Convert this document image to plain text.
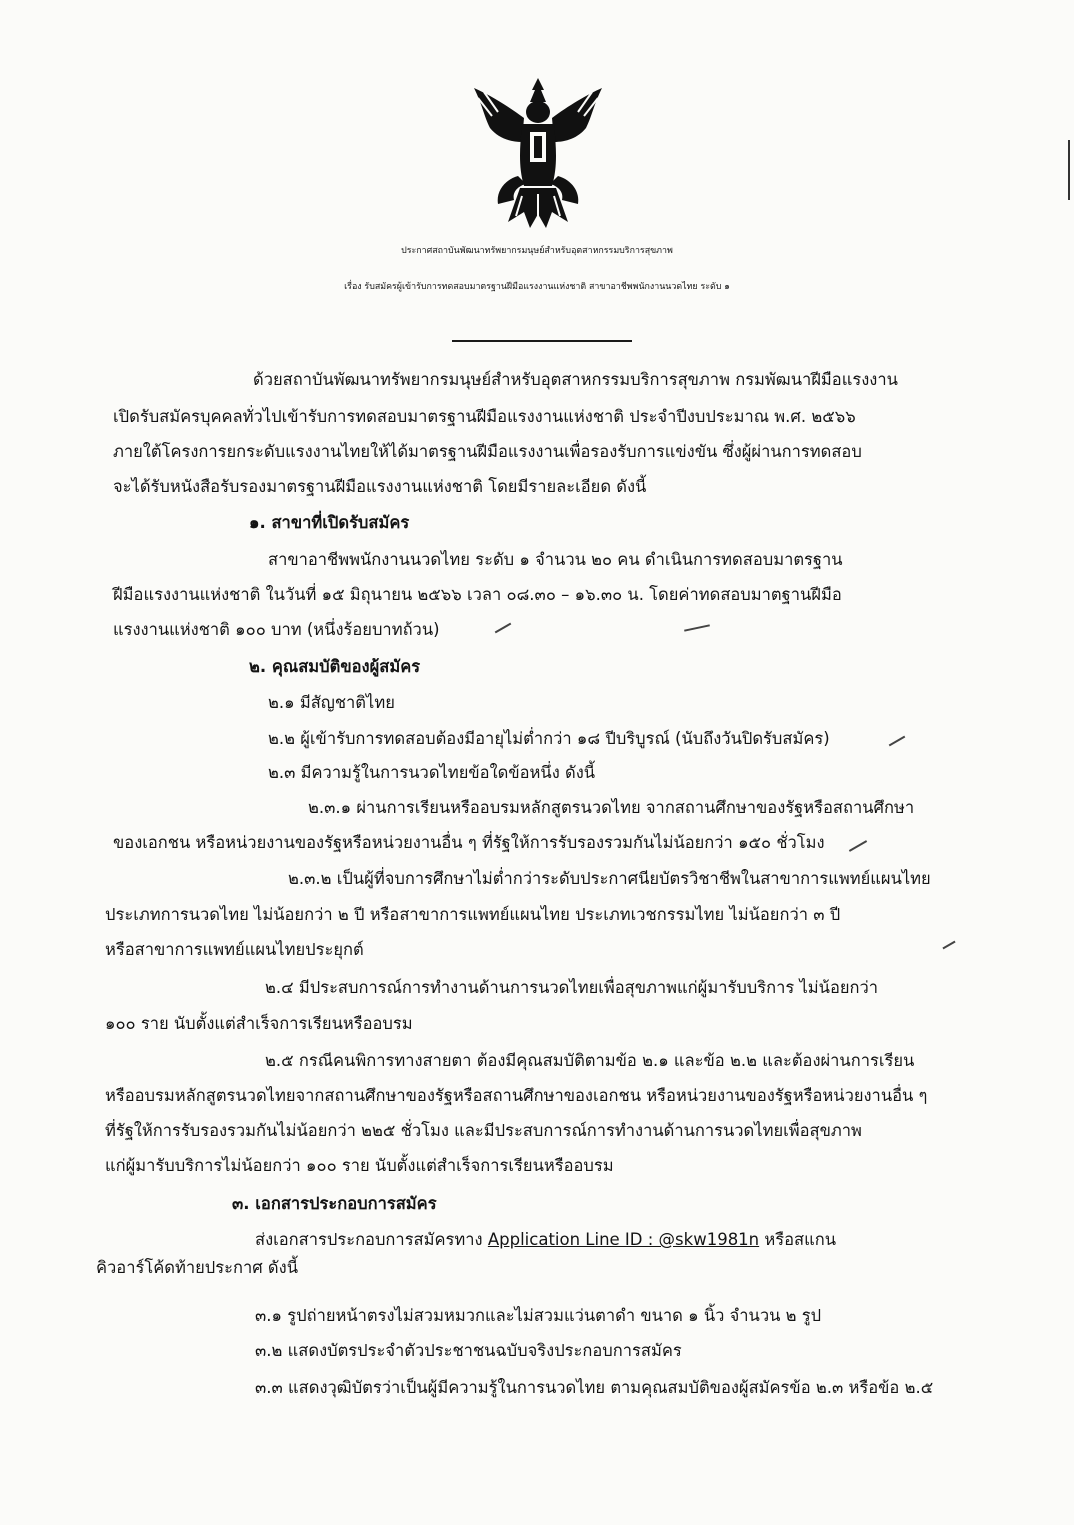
ประกาศสถาบันพัฒนาทรัพยากรมนุษย์สำหรับอุตสาหกรรมบริการสุขภาพ
เรื่อง รับสมัครผู้เข้ารับการทดสอบมาตรฐานฝีมือแรงงานแห่งชาติ สาขาอาชีพพนักงานนวดไทย ระดับ ๑
ด้วยสถาบันพัฒนาทรัพยากรมนุษย์สำหรับอุตสาหกรรมบริการสุขภาพ กรมพัฒนาฝีมือแรงงาน
เปิดรับสมัครบุคคลทั่วไปเข้ารับการทดสอบมาตรฐานฝีมือแรงงานแห่งชาติ ประจำปีงบประมาณ พ.ศ. ๒๕๖๖
ภายใต้โครงการยกระดับแรงงานไทยให้ได้มาตรฐานฝีมือแรงงานเพื่อรองรับการแข่งขัน ซึ่งผู้ผ่านการทดสอบ
จะได้รับหนังสือรับรองมาตรฐานฝีมือแรงงานแห่งชาติ โดยมีรายละเอียด ดังนี้
๑. สาขาที่เปิดรับสมัคร
สาขาอาชีพพนักงานนวดไทย ระดับ ๑ จำนวน ๒๐ คน ดำเนินการทดสอบมาตรฐาน
ฝีมือแรงงานแห่งชาติ ในวันที่ ๑๕ มิถุนายน ๒๕๖๖ เวลา ๐๘.๓๐ – ๑๖.๓๐ น. โดยค่าทดสอบมาตฐานฝีมือ
แรงงานแห่งชาติ ๑๐๐ บาท (หนึ่งร้อยบาทถ้วน)
๒. คุณสมบัติของผู้สมัคร
๒.๑ มีสัญชาติไทย
๒.๒ ผู้เข้ารับการทดสอบต้องมีอายุไม่ต่ำกว่า ๑๘ ปีบริบูรณ์ (นับถึงวันปิดรับสมัคร)
๒.๓ มีความรู้ในการนวดไทยข้อใดข้อหนึ่ง ดังนี้
๒.๓.๑ ผ่านการเรียนหรืออบรมหลักสูตรนวดไทย จากสถานศึกษาของรัฐหรือสถานศึกษา
ของเอกชน หรือหน่วยงานของรัฐหรือหน่วยงานอื่น ๆ ที่รัฐให้การรับรองรวมกันไม่น้อยกว่า ๑๕๐ ชั่วโมง
๒.๓.๒ เป็นผู้ที่จบการศึกษาไม่ต่ำกว่าระดับประกาศนียบัตรวิชาชีพในสาขาการแพทย์แผนไทย
ประเภทการนวดไทย ไม่น้อยกว่า ๒ ปี หรือสาขาการแพทย์แผนไทย ประเภทเวชกรรมไทย ไม่น้อยกว่า ๓ ปี
หรือสาขาการแพทย์แผนไทยประยุกต์
๒.๔ มีประสบการณ์การทำงานด้านการนวดไทยเพื่อสุขภาพแก่ผู้มารับบริการ ไม่น้อยกว่า
๑๐๐ ราย นับตั้งแต่สำเร็จการเรียนหรืออบรม
๒.๕ กรณีคนพิการทางสายตา ต้องมีคุณสมบัติตามข้อ ๒.๑ และข้อ ๒.๒ และต้องผ่านการเรียน
หรืออบรมหลักสูตรนวดไทยจากสถานศึกษาของรัฐหรือสถานศึกษาของเอกชน หรือหน่วยงานของรัฐหรือหน่วยงานอื่น ๆ
ที่รัฐให้การรับรองรวมกันไม่น้อยกว่า ๒๒๕ ชั่วโมง และมีประสบการณ์การทำงานด้านการนวดไทยเพื่อสุขภาพ
แก่ผู้มารับบริการไม่น้อยกว่า ๑๐๐ ราย นับตั้งแต่สำเร็จการเรียนหรืออบรม
๓. เอกสารประกอบการสมัคร
ส่งเอกสารประกอบการสมัครทาง Application Line ID : @skw1981n หรือสแกน
คิวอาร์โค้ดท้ายประกาศ ดังนี้
๓.๑ รูปถ่ายหน้าตรงไม่สวมหมวกและไม่สวมแว่นตาดำ ขนาด ๑ นิ้ว จำนวน ๒ รูป
๓.๒ แสดงบัตรประจำตัวประชาชนฉบับจริงประกอบการสมัคร
๓.๓ แสดงวุฒิบัตรว่าเป็นผู้มีความรู้ในการนวดไทย ตามคุณสมบัติของผู้สมัครข้อ ๒.๓ หรือข้อ ๒.๕
